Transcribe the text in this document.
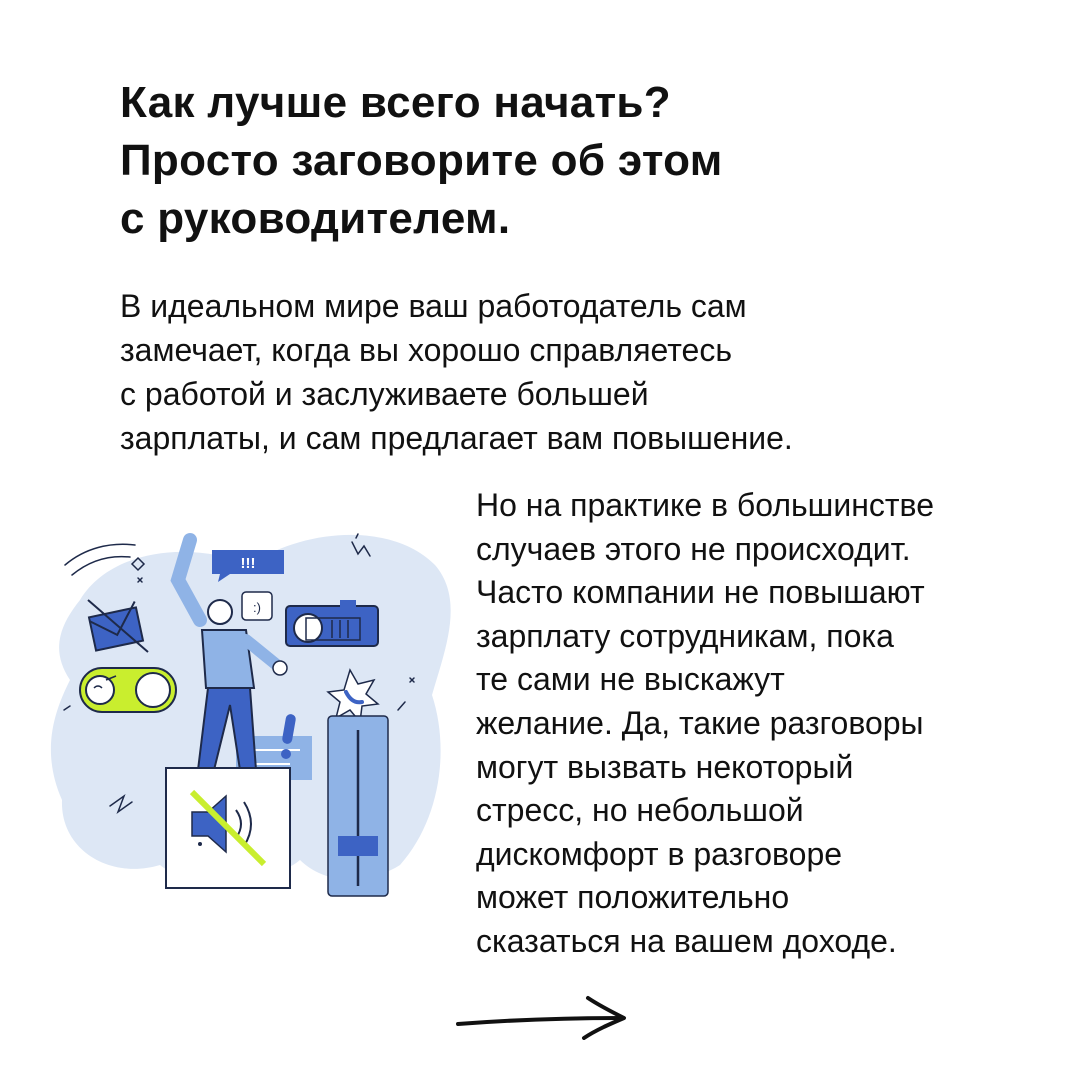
Как лучше всего начать?
Просто заговорите об этом
с руководителем.

В идеальном мире ваш работодатель сам
замечает, когда вы хорошо справляетесь
с работой и заслуживаете большей
зарплаты, и сам предлагает вам повышение.

Но на практике в большинстве
случаев этого не происходит.
Часто компании не повышают
зарплату сотрудникам, пока
те сами не выскажут
желание. Да, такие разговоры
могут вызвать некоторый
стресс, но небольшой
дискомфорт в разговоре
может положительно
сказаться на вашем доходе.

!!!
:)
